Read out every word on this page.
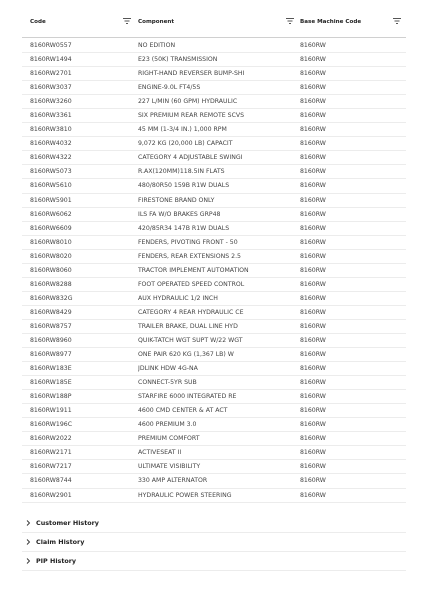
Code	Component	Base Machine Code
8160RW0557	NO EDITION	8160RW
8160RW1494	E23 (50K) TRANSMISSION	8160RW
8160RW2701	RIGHT-HAND REVERSER BUMP-SHI	8160RW
8160RW3037	ENGINE-9.0L FT4/5S	8160RW
8160RW3260	227 L/MIN (60 GPM) HYDRAULIC	8160RW
8160RW3361	SIX PREMIUM REAR REMOTE SCVS	8160RW
8160RW3810	45 MM (1-3/4 IN.) 1,000 RPM	8160RW
8160RW4032	9,072 KG (20,000 LB) CAPACIT	8160RW
8160RW4322	CATEGORY 4 ADJUSTABLE SWINGI	8160RW
8160RW5073	R.AX(120MM)118.5IN FLATS	8160RW
8160RW5610	480/80R50 159B R1W DUALS	8160RW
8160RW5901	FIRESTONE BRAND ONLY	8160RW
8160RW6062	ILS FA W/O BRAKES GRP48	8160RW
8160RW6609	420/85R34 147B R1W DUALS	8160RW
8160RW8010	FENDERS, PIVOTING FRONT - 50	8160RW
8160RW8020	FENDERS, REAR EXTENSIONS 2.5	8160RW
8160RW8060	TRACTOR IMPLEMENT AUTOMATION	8160RW
8160RW8288	FOOT OPERATED SPEED CONTROL	8160RW
8160RW832G	AUX HYDRAULIC 1/2 INCH	8160RW
8160RW8429	CATEGORY 4 REAR HYDRAULIC CE	8160RW
8160RW8757	TRAILER BRAKE, DUAL LINE HYD	8160RW
8160RW8960	QUIK-TATCH WGT SUPT W/22 WGT	8160RW
8160RW8977	ONE PAIR 620 KG (1,367 LB) W	8160RW
8160RW183E	JDLINK HDW 4G-NA	8160RW
8160RW185E	CONNECT-5YR SUB	8160RW
8160RW188P	STARFIRE 6000 INTEGRATED RE	8160RW
8160RW1911	4600 CMD CENTER & AT ACT	8160RW
8160RW196C	4600 PREMIUM 3.0	8160RW
8160RW2022	PREMIUM COMFORT	8160RW
8160RW2171	ACTIVESEAT II	8160RW
8160RW7217	ULTIMATE VISIBILITY	8160RW
8160RW8744	330 AMP ALTERNATOR	8160RW
8160RW2901	HYDRAULIC POWER STEERING	8160RW
Customer History
Claim History
PIP History
